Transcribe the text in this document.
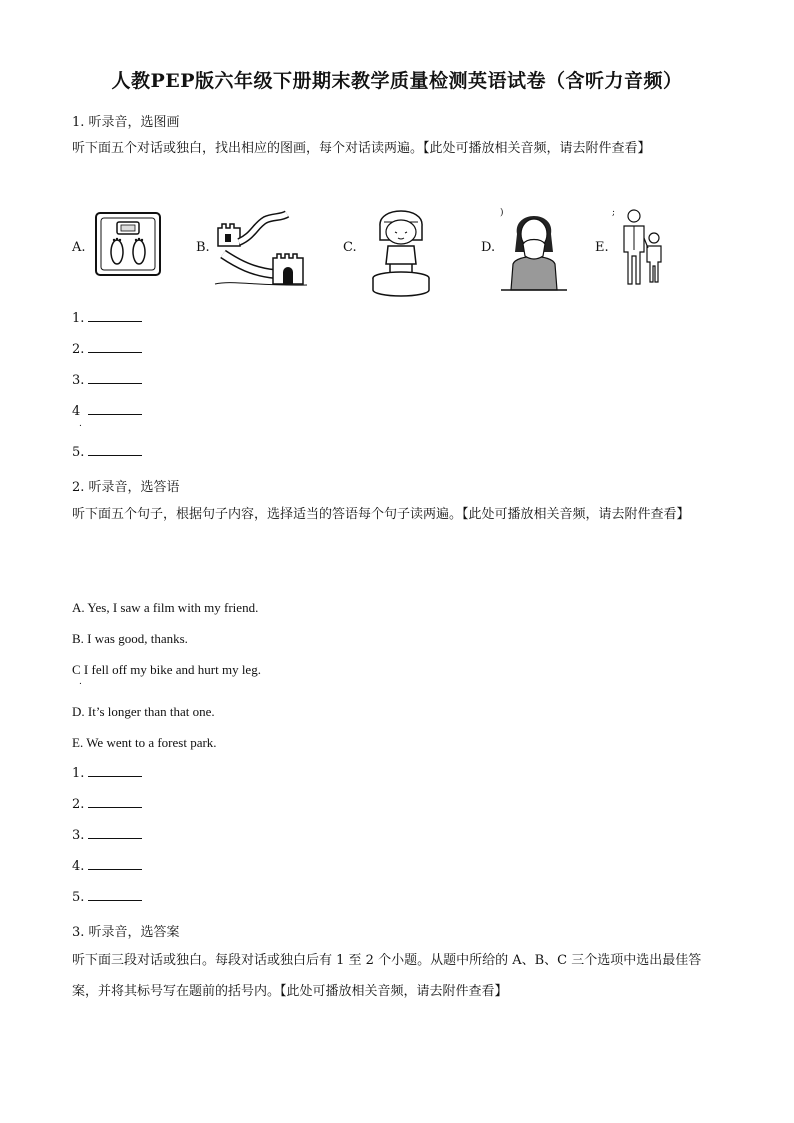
人教PEP版六年级下册期末教学质量检测英语试卷（含听力音频）
1. 听录音，选图画
听下面五个对话或独白，找出相应的图画，每个对话读两遍。【此处可播放相关音频，请去附件查看】
A.	B.	C.	D.
)
E.
;
1.
2.
3.
4
.
5.
2. 听录音，选答语
听下面五个句子，根据句子内容，选择适当的答语每个句子读两遍。【此处可播放相关音频，请去附件查看】
A. Yes, I saw a film with my friend.
B. I was good, thanks.
C I fell off my bike and hurt my leg.
.
D. It’s longer than that one.
E. We went to a forest park.
1.
2.
3.
4.
5.
3. 听录音，选答案
听下面三段对话或独白。每段对话或独白后有 1 至 2 个小题。从题中所给的 A、B、C 三个选项中选出最佳答案，并将其标号写在题前的括号内。【此处可播放相关音频，请去附件查看】
